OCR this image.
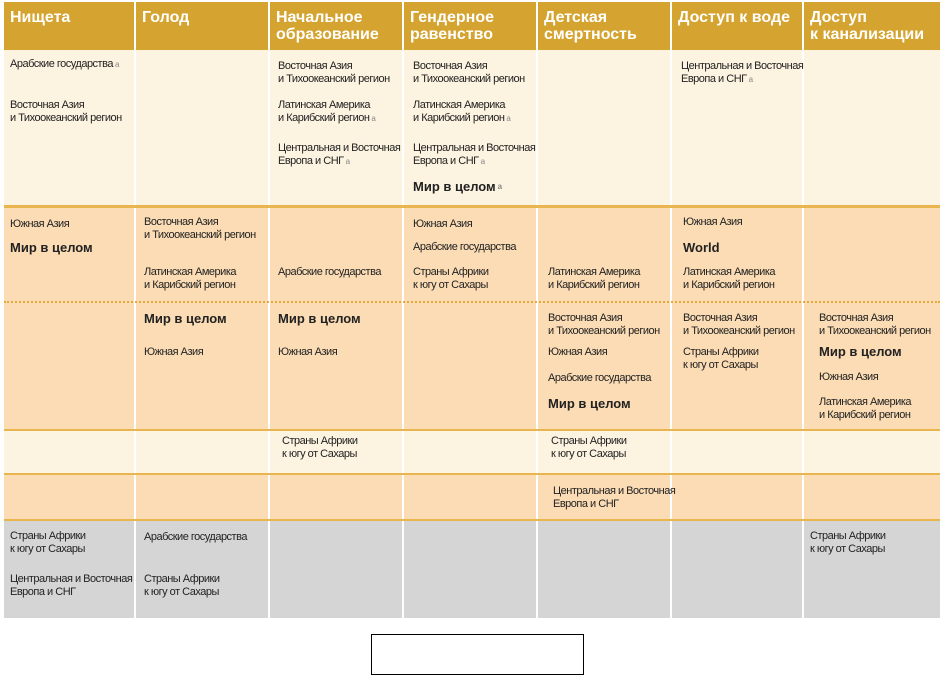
Нищета	Голод	Начальное
образование
Гендерное
равенство
Детская
смертность
Доступ к воде Доступ
к канализации
Арабские государства $^a$
Восточная Азия
и Тихоокеанский регион
Восточная Азия
и Тихоокеанский регион
Латинская Америка
и Карибский регион $^a$
Центральная и Восточная
Европа и СНГ $^a$
Восточная Азия
и Тихоокеанский регион
Латинская Америка
и Карибский регион $^a$
Центральная и Восточная
Европа и СНГ $^a$
Мир в целом $^a$
Центральная и Восточная
Европа и СНГ $^a$
Южная Азия
Мир в целом
Восточная Азия
и Тихоокеанский регион
Латинская Америка
и Карибский регион
Арабские государства
Южная Азия
Арабские государства
Страны Африки
к югу от Сахары
Латинская Америка
и Карибский регион
Южная Азия
World
Латинская Америка
и Карибский регион
Мир в целом
Южная Азия
Мир в целом
Южная Азия
Восточная Азия
и Тихоокеанский регион
Южная Азия
Арабские государства
Мир в целом
Восточная Азия
и Тихоокеанский регион
Страны Африки
к югу от Сахары
Восточная Азия
и Тихоокеанский регион
Мир в целом
Южная Азия
Латинская Америка
и Карибский регион
Страны Африки
к югу от Сахары
Страны Африки
к югу от Сахары
Центральная и Восточная
Европа и СНГ
Страны Африки
к югу от Сахары
Центральная и Восточная
Европа и СНГ
Арабские государства
Страны Африки
к югу от Сахары
Страны Африки
к югу от Сахары
